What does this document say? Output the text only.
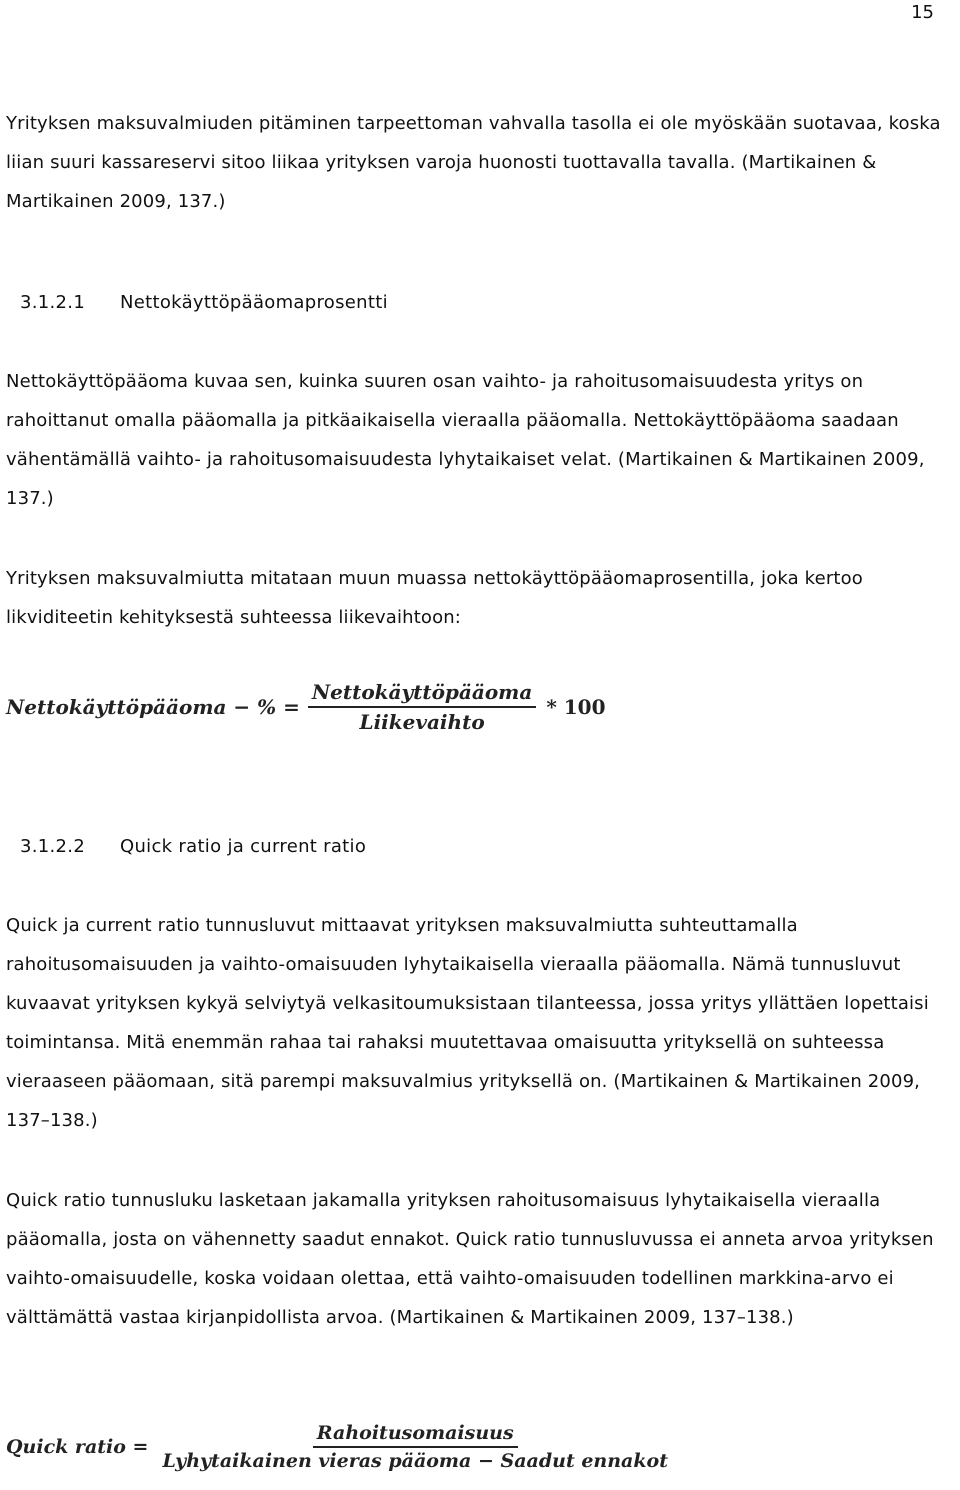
15

Yrityksen maksuvalmiuden pitäminen tarpeettoman vahvalla tasolla ei ole myöskään suotavaa, koska liian suuri kassareservi sitoo liikaa yrityksen varoja huonosti tuottavalla tavalla. (Martikainen & Martikainen 2009, 137.)

3.1.2.1 Nettokäyttöpääomaprosentti

Nettokäyttöpääoma kuvaa sen, kuinka suuren osan vaihto- ja rahoitusomaisuudesta yritys on rahoittanut omalla pääomalla ja pitkäaikaisella vieraalla pääomalla. Nettokäyttöpääoma saadaan vähentämällä vaihto- ja rahoitusomaisuudesta lyhytaikaiset velat. (Martikainen & Martikainen 2009, 137.)

Yrityksen maksuvalmiutta mitataan muun muassa nettokäyttöpääomaprosentilla, joka kertoo likviditeetin kehityksestä suhteessa liikevaihtoon:

Nettokäyttöpääoma − % = $\frac{\text{Nettokäyttöpääoma}}{\text{Liikevaihto}} * 100$
3.1.2.2 Quick ratio ja current ratio

Quick ja current ratio tunnusluvut mittaavat yrityksen maksuvalmiutta suhteuttamalla rahoitusomaisuuden ja vaihto-omaisuuden lyhytaikaisella vieraalla pääomalla. Nämä tunnusluvut kuvaavat yrityksen kykyä selviytyä velkasitoumuksistaan tilanteessa, jossa yritys yllättäen lopettaisi toimintansa. Mitä enemmän rahaa tai rahaksi muutettavaa omaisuutta yrityksellä on suhteessa vieraaseen pääomaan, sitä parempi maksuvalmius yrityksellä on. (Martikainen & Martikainen 2009, 137–138.)

Quick ratio tunnusluku lasketaan jakamalla yrityksen rahoitusomaisuus lyhytaikaisella vieraalla pääomalla, josta on vähennetty saadut ennakot. Quick ratio tunnusluvussa ei anneta arvoa yrityksen vaihto-omaisuudelle, koska voidaan olettaa, että vaihto-omaisuuden todellinen markkina-arvo ei välttämättä vastaa kirjanpidollista arvoa. (Martikainen & Martikainen 2009, 137–138.)

Quick ratio = $\frac{\text{Rahoitusomaisuus}}{\text{Lyhytaikainen vieras pääoma − Saadut ennakot}}$
